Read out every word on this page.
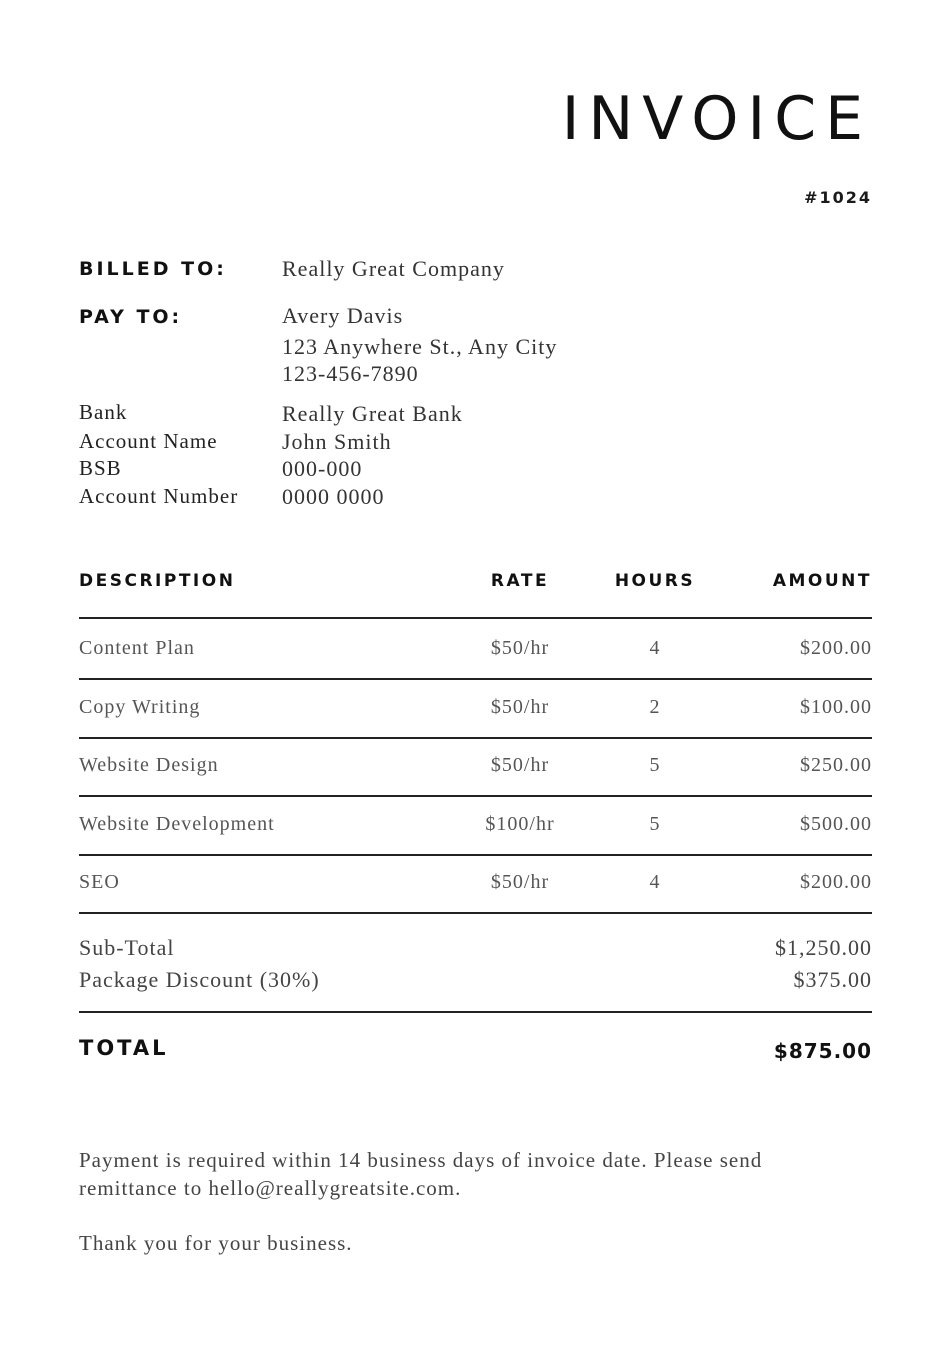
INVOICE
#1024
BILLED TO:	Really Great Company
PAY TO:	Avery Davis
123 Anywhere St., Any City
123-456-7890
Bank	Really Great Bank
Account Name	John Smith
BSB	000-000
Account Number 0000 0000
DESCRIPTION	RATE	HOURS	AMOUNT
Content Plan	$50/hr	4	$200.00
Copy Writing	$50/hr	2	$100.00
Website Design	$50/hr	5	$250.00
Website Development	$100/hr	5	$500.00
SEO	$50/hr	4	$200.00
Sub-Total	$1,250.00
Package Discount (30%)	$375.00
TOTAL	$875.00
Payment is required within 14 business days of invoice date. Please send
remittance to hello@reallygreatsite.com.
Thank you for your business.
